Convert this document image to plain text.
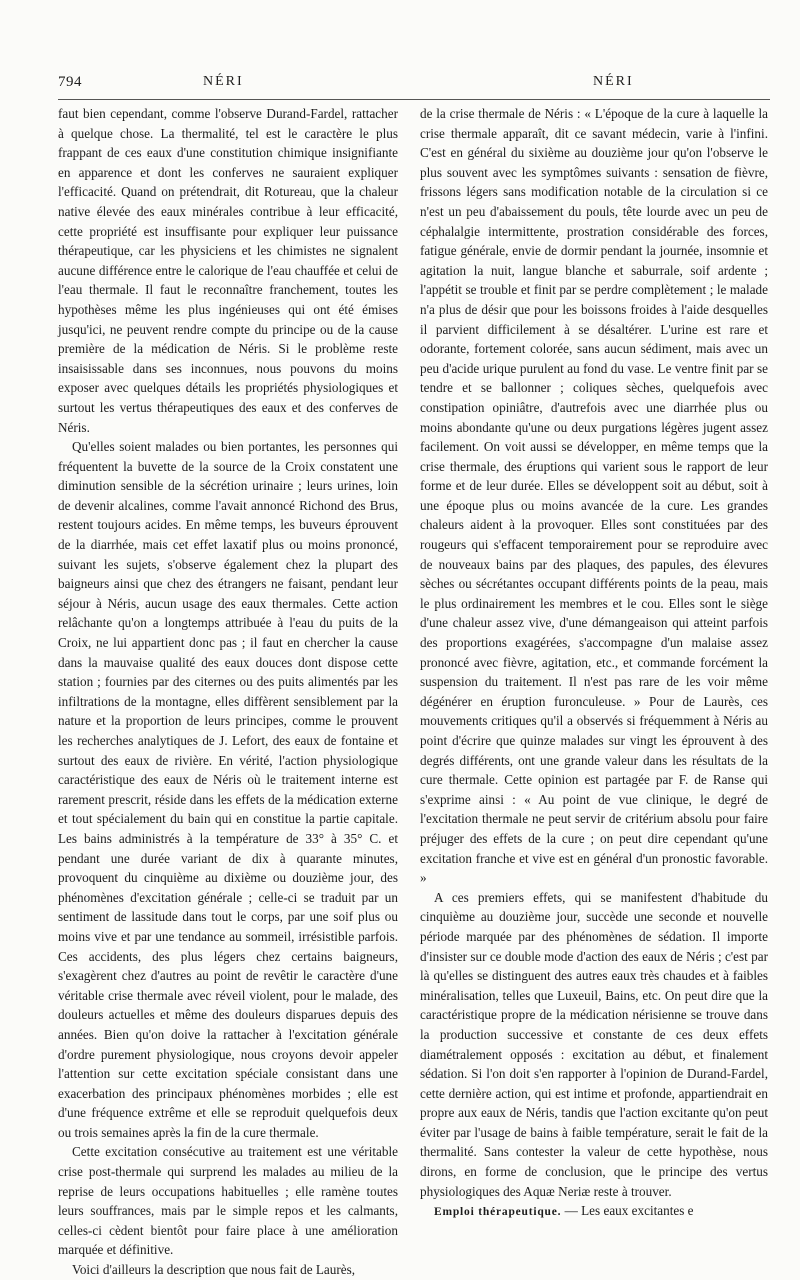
794	NÉRI	NÉRI

faut bien cependant, comme l'observe Durand-Fardel, rattacher à quelque chose. La thermalité, tel est le caractère le plus frappant de ces eaux d'une constitution chimique insignifiante en apparence et dont les conferves ne sauraient expliquer l'efficacité. Quand on prétendrait, dit Rotureau, que la chaleur native élevée des eaux minérales contribue à leur efficacité, cette propriété est insuffisante pour expliquer leur puissance thérapeutique, car les physiciens et les chimistes ne signalent aucune différence entre le calorique de l'eau chauffée et celui de l'eau thermale. Il faut le reconnaître franchement, toutes les hypothèses même les plus ingénieuses qui ont été émises jusqu'ici, ne peuvent rendre compte du principe ou de la cause première de la médication de Néris. Si le problème reste insaisissable dans ses inconnues, nous pouvons du moins exposer avec quelques détails les propriétés physiologiques et surtout les vertus thérapeutiques des eaux et des conferves de Néris.

Qu'elles soient malades ou bien portantes, les personnes qui fréquentent la buvette de la source de la Croix constatent une diminution sensible de la sécrétion urinaire ; leurs urines, loin de devenir alcalines, comme l'avait annoncé Richond des Brus, restent toujours acides. En même temps, les buveurs éprouvent de la diarrhée, mais cet effet laxatif plus ou moins prononcé, suivant les sujets, s'observe également chez la plupart des baigneurs ainsi que chez des étrangers ne faisant, pendant leur séjour à Néris, aucun usage des eaux thermales. Cette action relâchante qu'on a longtemps attribuée à l'eau du puits de la Croix, ne lui appartient donc pas ; il faut en chercher la cause dans la mauvaise qualité des eaux douces dont dispose cette station ; fournies par des citernes ou des puits alimentés par les infiltrations de la montagne, elles diffèrent sensiblement par la nature et la proportion de leurs principes, comme le prouvent les recherches analytiques de J. Lefort, des eaux de fontaine et surtout des eaux de rivière. En vérité, l'action physiologique caractéristique des eaux de Néris où le traitement interne est rarement prescrit, réside dans les effets de la médication externe et tout spécialement du bain qui en constitue la partie capitale. Les bains administrés à la température de 33° à 35° C. et pendant une durée variant de dix à quarante minutes, provoquent du cinquième au dixième ou douzième jour, des phénomènes d'excitation générale ; celle-ci se traduit par un sentiment de lassitude dans tout le corps, par une soif plus ou moins vive et par une tendance au sommeil, irrésistible parfois. Ces accidents, des plus légers chez certains baigneurs, s'exagèrent chez d'autres au point de revêtir le caractère d'une véritable crise thermale avec réveil violent, pour le malade, des douleurs actuelles et même des douleurs disparues depuis des années. Bien qu'on doive la rattacher à l'excitation générale d'ordre purement physiologique, nous croyons devoir appeler l'attention sur cette excitation spéciale consistant dans une exacerbation des principaux phénomènes morbides ; elle est d'une fréquence extrême et elle se reproduit quelquefois deux ou trois semaines après la fin de la cure thermale.

Cette excitation consécutive au traitement est une véritable crise post-thermale qui surprend les malades au milieu de la reprise de leurs occupations habituelles ; elle ramène toutes leurs souffrances, mais par le simple repos et les calmants, celles-ci cèdent bientôt pour faire place à une amélioration marquée et définitive.

Voici d'ailleurs la description que nous fait de Laurès,

de la crise thermale de Néris : « L'époque de la cure à laquelle la crise thermale apparaît, dit ce savant médecin, varie à l'infini. C'est en général du sixième au douzième jour qu'on l'observe le plus souvent avec les symptômes suivants : sensation de fièvre, frissons légers sans modification notable de la circulation si ce n'est un peu d'abaissement du pouls, tête lourde avec un peu de céphalalgie intermittente, prostration considérable des forces, fatigue générale, envie de dormir pendant la journée, insomnie et agitation la nuit, langue blanche et saburrale, soif ardente ; l'appétit se trouble et finit par se perdre complètement ; le malade n'a plus de désir que pour les boissons froides à l'aide desquelles il parvient difficilement à se désaltérer. L'urine est rare et odorante, fortement colorée, sans aucun sédiment, mais avec un peu d'acide urique purulent au fond du vase. Le ventre finit par se tendre et se ballonner ; coliques sèches, quelquefois avec constipation opiniâtre, d'autrefois avec une diarrhée plus ou moins abondante qu'une ou deux purgations légères jugent assez facilement. On voit aussi se développer, en même temps que la crise thermale, des éruptions qui varient sous le rapport de leur forme et de leur durée. Elles se développent soit au début, soit à une époque plus ou moins avancée de la cure. Les grandes chaleurs aident à la provoquer. Elles sont constituées par des rougeurs qui s'effacent temporairement pour se reproduire avec de nouveaux bains par des plaques, des papules, des élevures sèches ou sécrétantes occupant différents points de la peau, mais le plus ordinairement les membres et le cou. Elles sont le siège d'une chaleur assez vive, d'une démangeaison qui atteint parfois des proportions exagérées, s'accompagne d'un malaise assez prononcé avec fièvre, agitation, etc., et commande forcément la suspension du traitement. Il n'est pas rare de les voir même dégénérer en éruption furonculeuse. » Pour de Laurès, ces mouvements critiques qu'il a observés si fréquemment à Néris au point d'écrire que quinze malades sur vingt les éprouvent à des degrés différents, ont une grande valeur dans les résultats de la cure thermale. Cette opinion est partagée par F. de Ranse qui s'exprime ainsi : « Au point de vue clinique, le degré de l'excitation thermale ne peut servir de critérium absolu pour faire préjuger des effets de la cure ; on peut dire cependant qu'une excitation franche et vive est en général d'un pronostic favorable. »

A ces premiers effets, qui se manifestent d'habitude du cinquième au douzième jour, succède une seconde et nouvelle période marquée par des phénomènes de sédation. Il importe d'insister sur ce double mode d'action des eaux de Néris ; c'est par là qu'elles se distinguent des autres eaux très chaudes et à faibles minéralisation, telles que Luxeuil, Bains, etc. On peut dire que la caractéristique propre de la médication nérisienne se trouve dans la production successive et constante de ces deux effets diamétralement opposés : excitation au début, et finalement sédation. Si l'on doit s'en rapporter à l'opinion de Durand-Fardel, cette dernière action, qui est intime et profonde, appartiendrait en propre aux eaux de Néris, tandis que l'action excitante qu'on peut éviter par l'usage de bains à faible température, serait le fait de la thermalité. Sans contester la valeur de cette hypothèse, nous dirons, en forme de conclusion, que le principe des vertus physiologiques des Aquæ Neriæ reste à trouver.

Emploi thérapeutique. — Les eaux excitantes e
